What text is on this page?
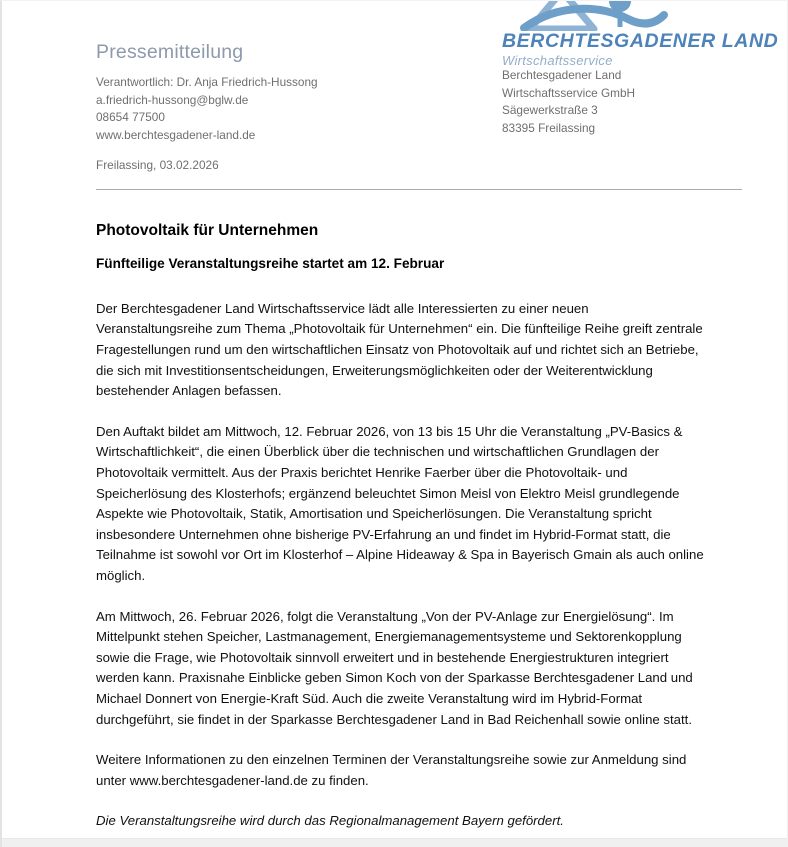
Pressemitteilung
Verantwortlich: Dr. Anja Friedrich-Hussong
a.friedrich-hussong@bglw.de
08654 77500
www.berchtesgadener-land.de
BERCHTESGADENER LAND
Wirtschaftsservice
Berchtesgadener Land
Wirtschaftsservice GmbH
Sägewerkstraße 3
83395 Freilassing
Freilassing, 03.02.2026
Photovoltaik für Unternehmen
Fünfteilige Veranstaltungsreihe startet am 12. Februar

Der Berchtesgadener Land Wirtschaftsservice lädt alle Interessierten zu einer neuen Veranstaltungsreihe zum Thema „Photovoltaik für Unternehmen“ ein. Die fünfteilige Reihe greift zentrale Fragestellungen rund um den wirtschaftlichen Einsatz von Photovoltaik auf und richtet sich an Betriebe, die sich mit Investitionsentscheidungen, Erweiterungsmöglichkeiten oder der Weiterentwicklung bestehender Anlagen befassen.

Den Auftakt bildet am Mittwoch, 12. Februar 2026, von 13 bis 15 Uhr die Veranstaltung „PV-Basics & Wirtschaftlichkeit“, die einen Überblick über die technischen und wirtschaftlichen Grundlagen der Photovoltaik vermittelt. Aus der Praxis berichtet Henrike Faerber über die Photovoltaik- und Speicherlösung des Klosterhofs; ergänzend beleuchtet Simon Meisl von Elektro Meisl grundlegende Aspekte wie Photovoltaik, Statik, Amortisation und Speicherlösungen. Die Veranstaltung spricht insbesondere Unternehmen ohne bisherige PV-Erfahrung an und findet im Hybrid-Format statt, die Teilnahme ist sowohl vor Ort im Klosterhof – Alpine Hideaway & Spa in Bayerisch Gmain als auch online möglich.

Am Mittwoch, 26. Februar 2026, folgt die Veranstaltung „Von der PV-Anlage zur Energielösung“. Im Mittelpunkt stehen Speicher, Lastmanagement, Energiemanagementsysteme und Sektorenkopplung sowie die Frage, wie Photovoltaik sinnvoll erweitert und in bestehende Energiestrukturen integriert werden kann. Praxisnahe Einblicke geben Simon Koch von der Sparkasse Berchtesgadener Land und Michael Donnert von Energie-Kraft Süd. Auch die zweite Veranstaltung wird im Hybrid-Format durchgeführt, sie findet in der Sparkasse Berchtesgadener Land in Bad Reichenhall sowie online statt.

Weitere Informationen zu den einzelnen Terminen der Veranstaltungsreihe sowie zur Anmeldung sind unter www.berchtesgadener-land.de zu finden.

Die Veranstaltungsreihe wird durch das Regionalmanagement Bayern gefördert.
